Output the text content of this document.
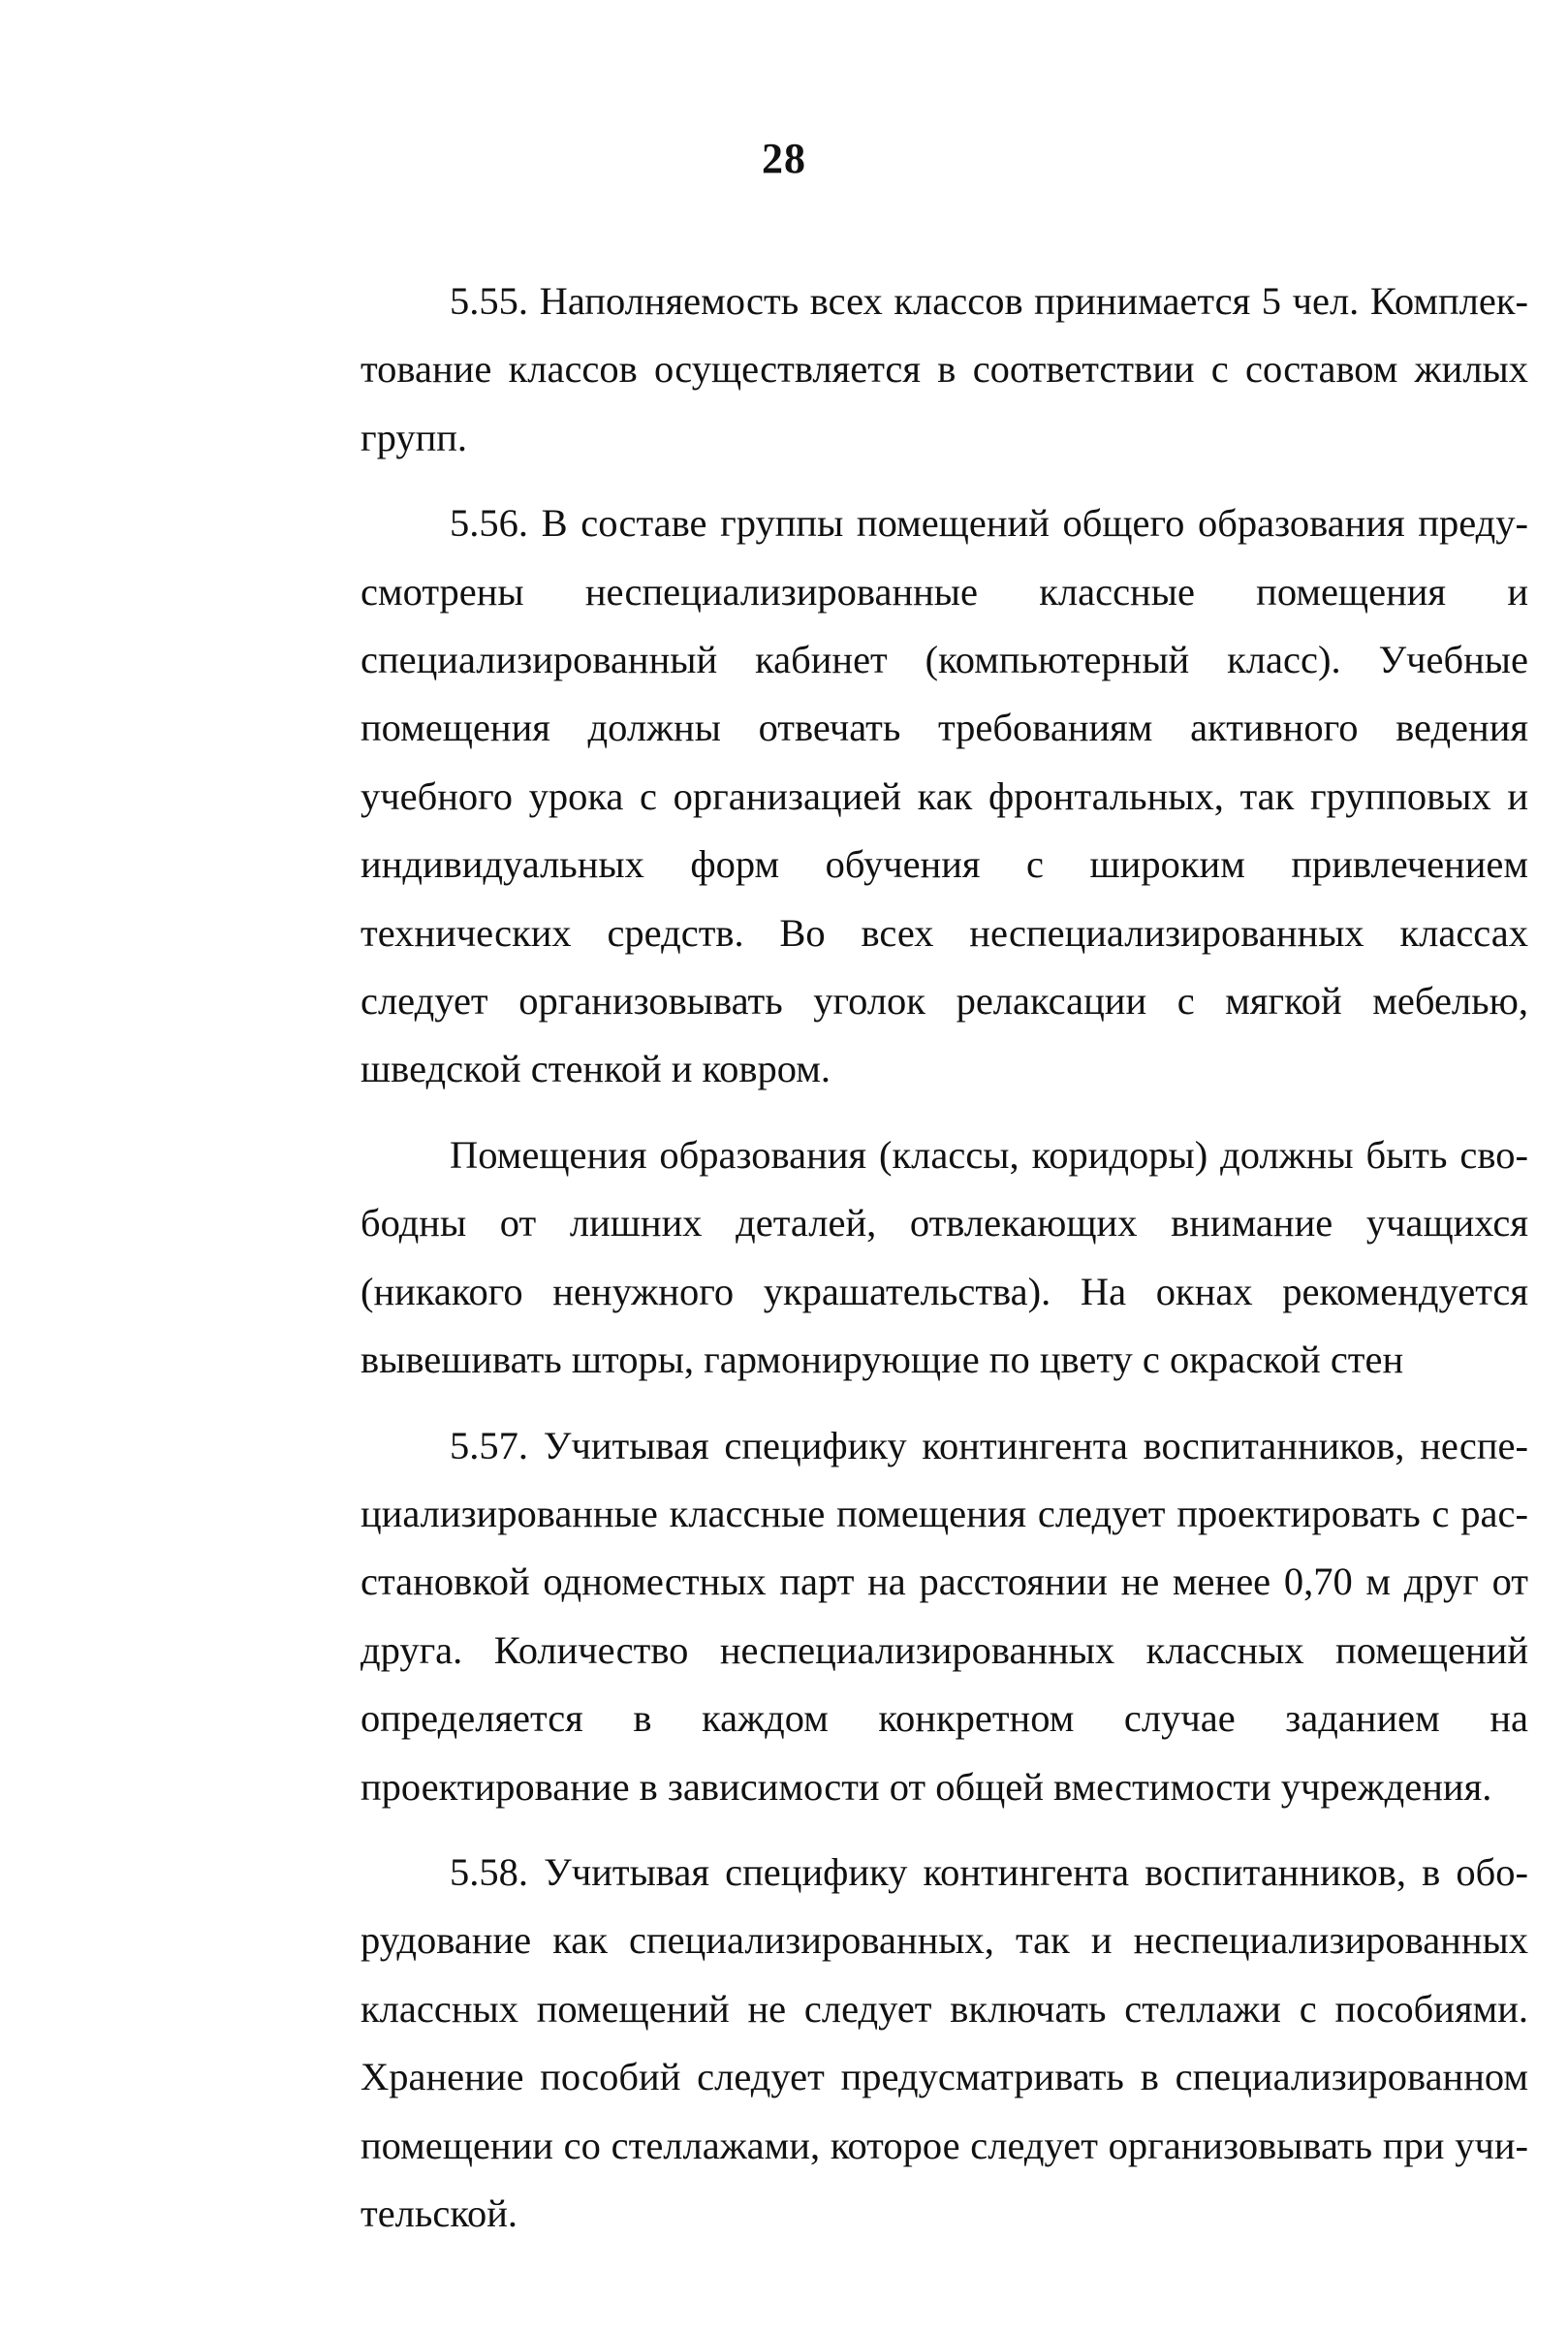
28

5.55. Наполняемость всех классов принимается 5 чел. Комплектование классов осуществляется в соответствии с составом жилых групп.

5.56. В составе группы помещений общего образования предусмотрены неспециализированные классные помещения и специализированный кабинет (компьютерный класс). Учебные помещения должны отвечать требованиям активного ведения учебного урока с организацией как фронтальных, так групповых и индивидуальных форм обучения с широким привлечением технических средств. Во всех неспециализированных классах следует организовывать уголок релаксации с мягкой мебелью, шведской стенкой и ковром.

Помещения образования (классы, коридоры) должны быть свободны от лишних деталей, отвлекающих внимание учащихся (никакого ненужного украшательства). На окнах рекомендуется вывешивать шторы, гармонирующие по цвету с окраской стен

5.57. Учитывая специфику контингента воспитанников, неспециализированные классные помещения следует проектировать с расстановкой одноместных парт на расстоянии не менее 0,70 м друг от друга. Количество неспециализированных классных помещений определяется в каждом конкретном случае заданием на проектирование в зависимости от общей вместимости учреждения.

5.58. Учитывая специфику контингента воспитанников, в оборудование как специализированных, так и неспециализированных классных помещений не следует включать стеллажи с пособиями. Хранение пособий следует предусматривать в специализированном помещении со стеллажами, которое следует организовывать при учительской.
